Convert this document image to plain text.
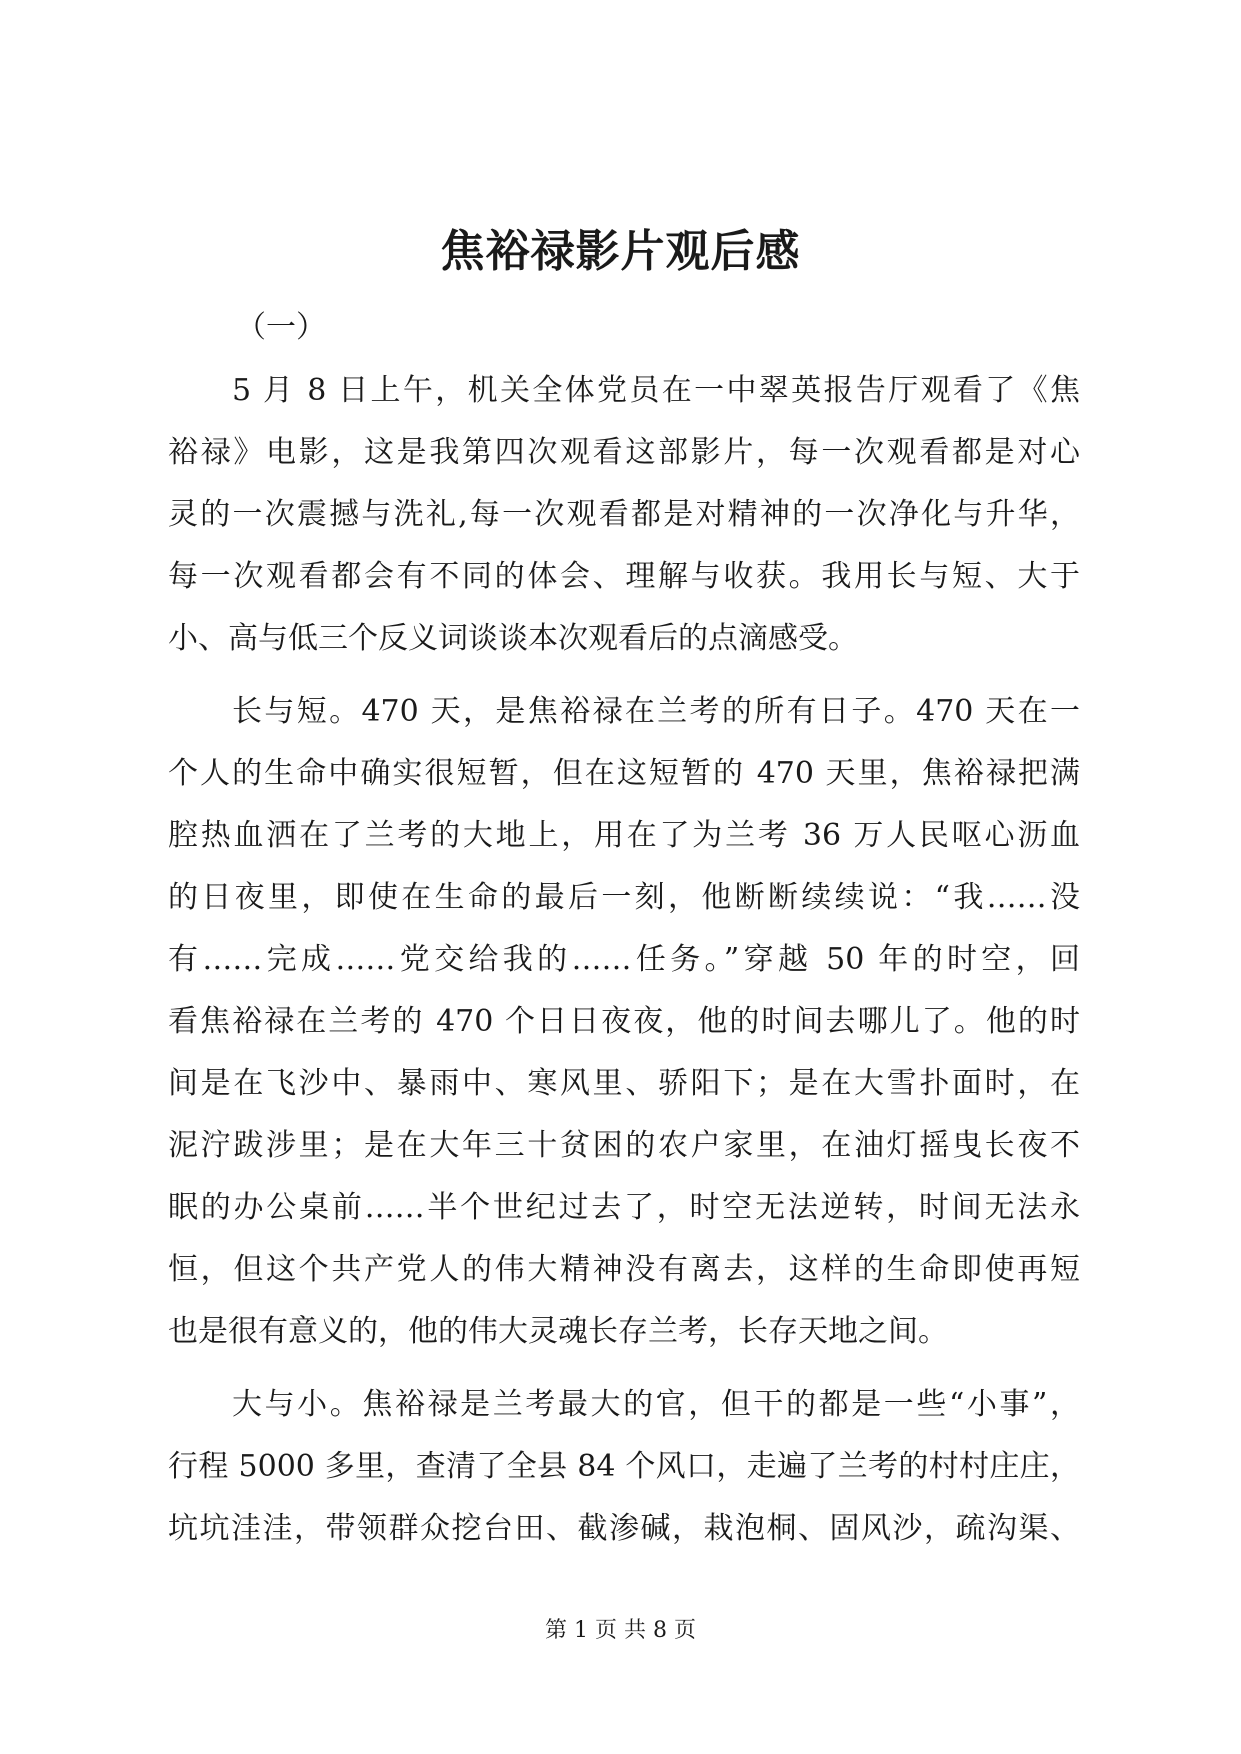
焦裕禄影片观后感
（一）
5 月 8 日上午，机关全体党员在一中翠英报告厅观看了《焦
裕禄》电影，这是我第四次观看这部影片，每一次观看都是对心
灵的一次震撼与洗礼,每一次观看都是对精神的一次净化与升华，
每一次观看都会有不同的体会、理解与收获。我用长与短、大于
小、高与低三个反义词谈谈本次观看后的点滴感受。
长与短。470 天，是焦裕禄在兰考的所有日子。470 天在一
个人的生命中确实很短暂，但在这短暂的 470 天里，焦裕禄把满
腔热血洒在了兰考的大地上，用在了为兰考 36 万人民呕心沥血
的日夜里，即使在生命的最后一刻，他断断续续说：“我……没
有……完成……党交给我的……任务。”穿越 50 年的时空，回
看焦裕禄在兰考的 470 个日日夜夜，他的时间去哪儿了。他的时
间是在飞沙中、暴雨中、寒风里、骄阳下；是在大雪扑面时，在
泥泞跋涉里；是在大年三十贫困的农户家里，在油灯摇曳长夜不
眠的办公桌前……半个世纪过去了，时空无法逆转，时间无法永
恒，但这个共产党人的伟大精神没有离去，这样的生命即使再短
也是很有意义的，他的伟大灵魂长存兰考，长存天地之间。
大与小。焦裕禄是兰考最大的官，但干的都是一些“小事”，
行程 5000 多里，查清了全县 84 个风口，走遍了兰考的村村庄庄，
坑坑洼洼，带领群众挖台田、截渗碱，栽泡桐、固风沙，疏沟渠、
第 1 页 共 8 页
